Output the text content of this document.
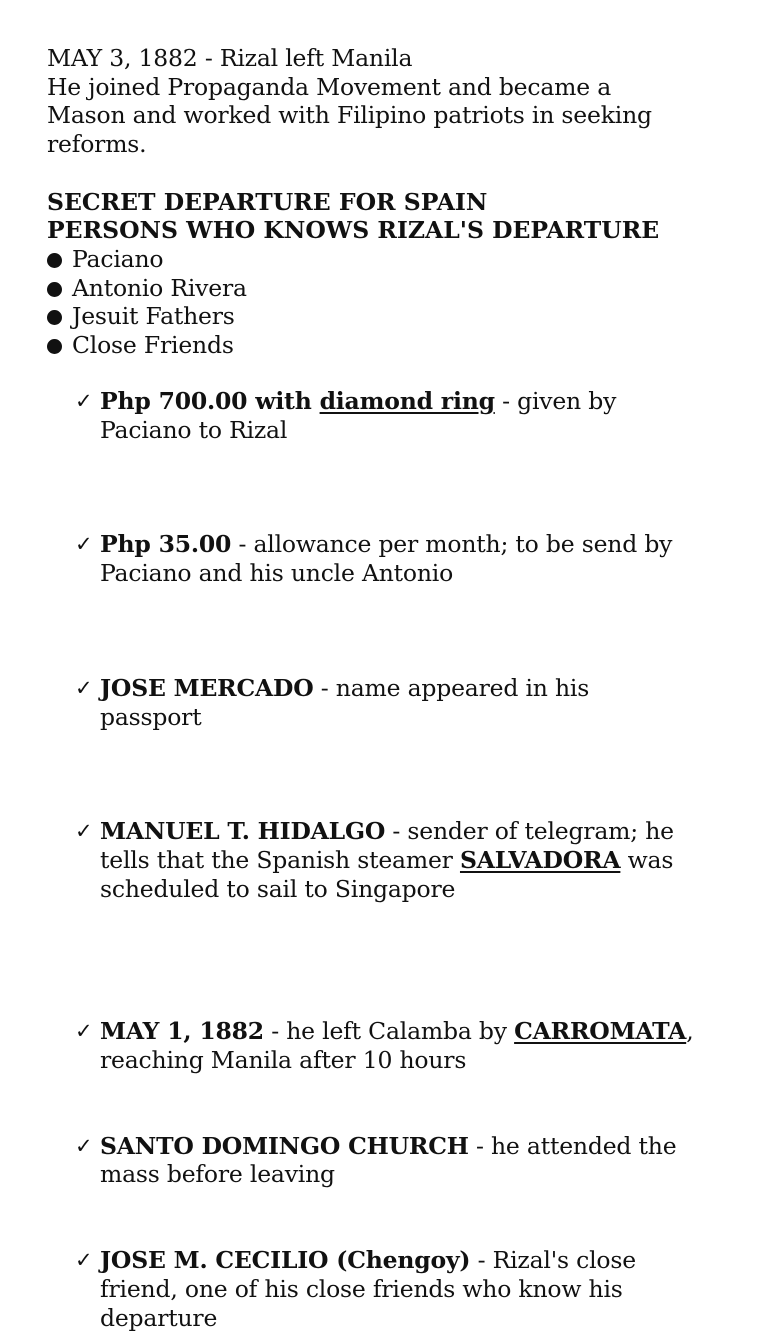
MAY 3, 1882 - Rizal left Manila
He joined Propaganda Movement and became a
Mason and worked with Filipino patriots in seeking
reforms.
SECRET DEPARTURE FOR SPAIN
PERSONS WHO KNOWS RIZAL'S DEPARTURE
Paciano
Antonio Rivera
Jesuit Fathers
Close Friends
✓ Php 700.00 with diamond ring - given by
Paciano to Rizal
✓ Php 35.00 - allowance per month; to be send by
Paciano and his uncle Antonio
✓ JOSE MERCADO - name appeared in his
passport
✓ MANUEL T. HIDALGO - sender of telegram; he
tells that the Spanish steamer SALVADORA was
scheduled to sail to Singapore
✓ MAY 1, 1882 - he left Calamba by CARROMATA,
reaching Manila after 10 hours
✓ SANTO DOMINGO CHURCH - he attended the
mass before leaving
✓ JOSE M. CECILIO (Chengoy) - Rizal's close
friend, one of his close friends who know his
departure
